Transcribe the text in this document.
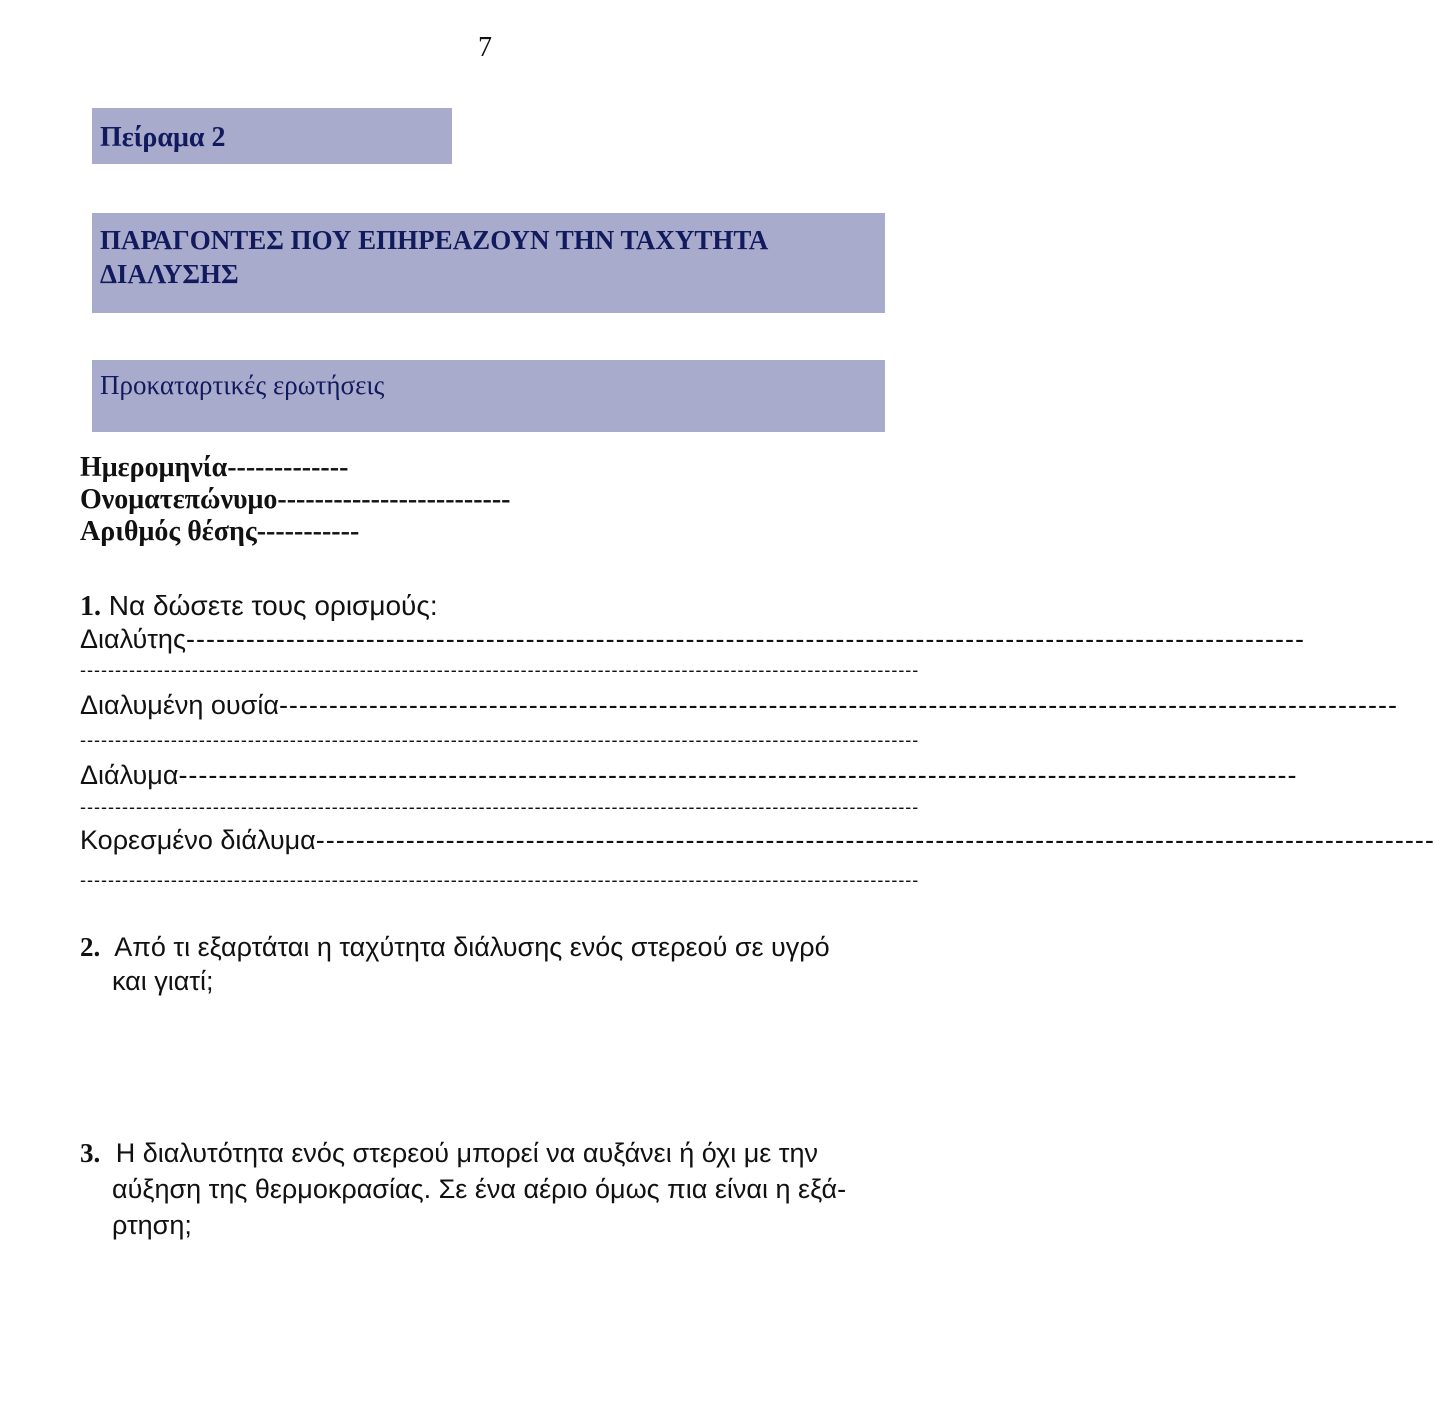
7
Πείραμα 2
ΠΑΡΑΓΟΝΤΕΣ ΠΟΥ ΕΠΗΡΕΑΖΟΥΝ ΤΗΝ ΤΑΧΥΤΗΤΑ
ΔΙΑΛΥΣΗΣ
Προκαταρτικές ερωτήσεις
Ημερομηνία-------------
Ονοματεπώνυμο-------------------------
Αριθμός θέσης-----------
1. Να δώσετε τους ορισμούς:
Διαλύτης ----------------------------------------------------------------------------------------------------------------
------------------------------------------------------------------------------------------------------------------------
Διαλυμένη ουσία ----------------------------------------------------------------------------------------------------------------
------------------------------------------------------------------------------------------------------------------------
Διάλυμα ----------------------------------------------------------------------------------------------------------------
------------------------------------------------------------------------------------------------------------------------
Κορεσμένο διάλυμα ----------------------------------------------------------------------------------------------------------------
------------------------------------------------------------------------------------------------------------------------
2. Από τι εξαρτάται η ταχύτητα διάλυσης ενός στερεού σε υγρό
και γιατί;
3. Η διαλυτότητα ενός στερεού μπορεί να αυξάνει ή όχι με την
αύξηση της θερμοκρασίας. Σε ένα αέριο όμως πια είναι η εξά-
ρτηση;
